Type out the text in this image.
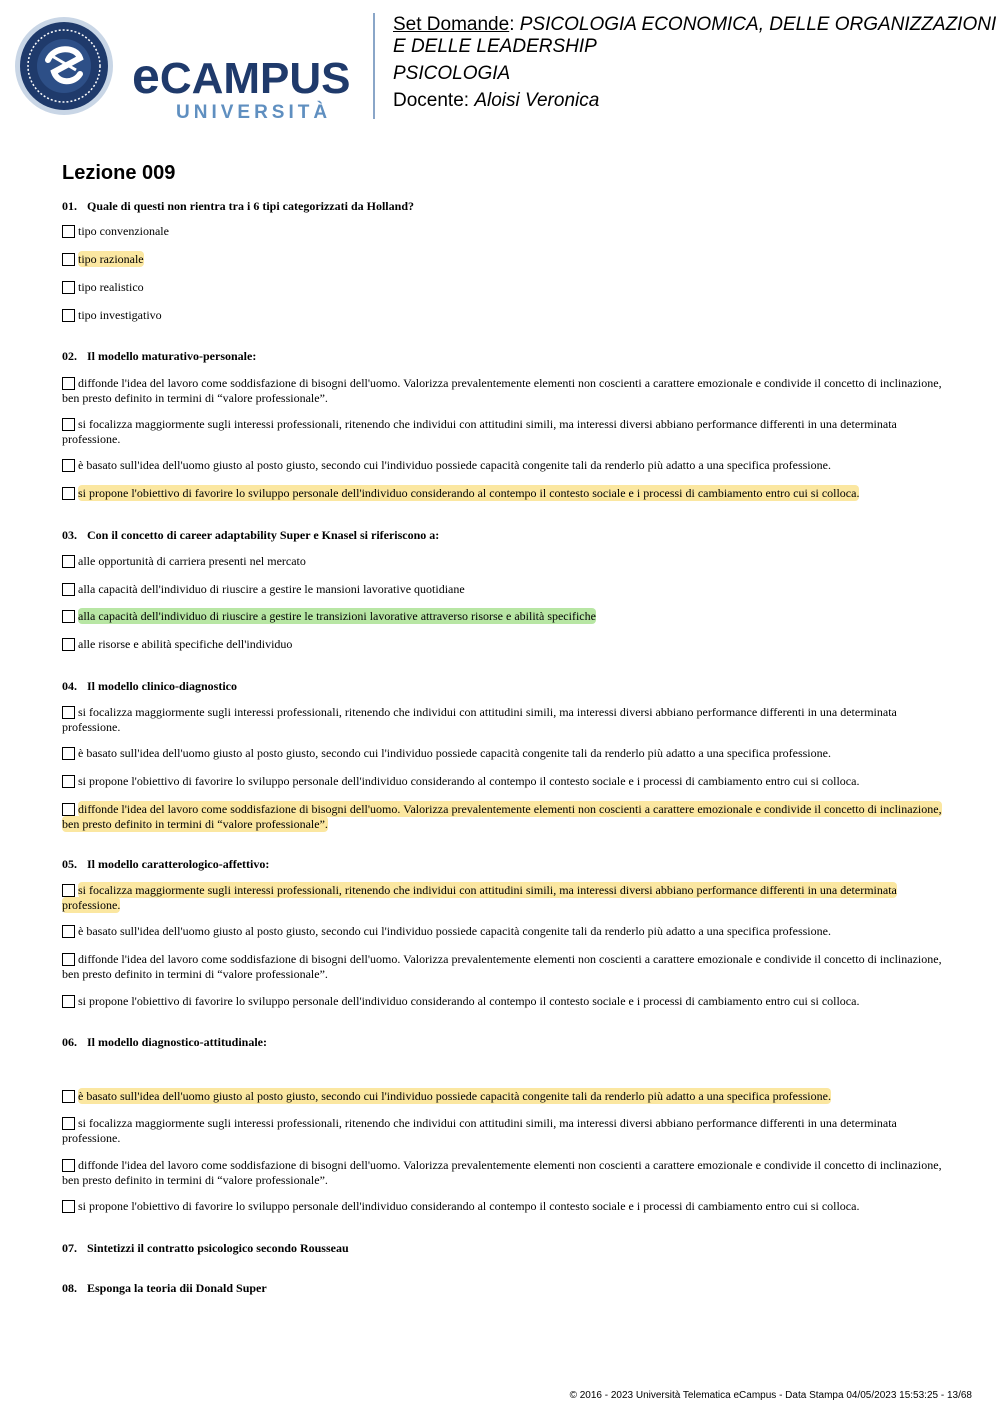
eCAMPUS
UNIVERSITÀ
Set Domande: PSICOLOGIA ECONOMICA, DELLE ORGANIZZAZIONI
E DELLE LEADERSHIP
PSICOLOGIA
Docente: Aloisi Veronica
Lezione 009
01. Quale di questi non rientra tra i 6 tipi categorizzati da Holland?
tipo convenzionale
tipo razionale
tipo realistico
tipo investigativo
02. Il modello maturativo-personale:
diffonde l'idea del lavoro come soddisfazione di bisogni dell'uomo. Valorizza prevalentemente elementi non coscienti a carattere emozionale e condivide il concetto di inclinazione, ben presto definito in termini di “valore professionale”.
si focalizza maggiormente sugli interessi professionali, ritenendo che individui con attitudini simili, ma interessi diversi abbiano performance differenti in una determinata professione.
è basato sull'idea dell'uomo giusto al posto giusto, secondo cui l'individuo possiede capacità congenite tali da renderlo più adatto a una specifica professione.
si propone l'obiettivo di favorire lo sviluppo personale dell'individuo considerando al contempo il contesto sociale e i processi di cambiamento entro cui si colloca.
03. Con il concetto di career adaptability Super e Knasel si riferiscono a:
alle opportunità di carriera presenti nel mercato
alla capacità dell'individuo di riuscire a gestire le mansioni lavorative quotidiane
alla capacità dell'individuo di riuscire a gestire le transizioni lavorative attraverso risorse e abilità specifiche
alle risorse e abilità specifiche dell'individuo
04. Il modello clinico-diagnostico
si focalizza maggiormente sugli interessi professionali, ritenendo che individui con attitudini simili, ma interessi diversi abbiano performance differenti in una determinata professione.
è basato sull'idea dell'uomo giusto al posto giusto, secondo cui l'individuo possiede capacità congenite tali da renderlo più adatto a una specifica professione.
si propone l'obiettivo di favorire lo sviluppo personale dell'individuo considerando al contempo il contesto sociale e i processi di cambiamento entro cui si colloca.
diffonde l'idea del lavoro come soddisfazione di bisogni dell'uomo. Valorizza prevalentemente elementi non coscienti a carattere emozionale e condivide il concetto di inclinazione, ben presto definito in termini di “valore professionale”.
05. Il modello caratterologico-affettivo:
si focalizza maggiormente sugli interessi professionali, ritenendo che individui con attitudini simili, ma interessi diversi abbiano performance differenti in una determinata professione.
è basato sull'idea dell'uomo giusto al posto giusto, secondo cui l'individuo possiede capacità congenite tali da renderlo più adatto a una specifica professione.
diffonde l'idea del lavoro come soddisfazione di bisogni dell'uomo. Valorizza prevalentemente elementi non coscienti a carattere emozionale e condivide il concetto di inclinazione, ben presto definito in termini di “valore professionale”.
si propone l'obiettivo di favorire lo sviluppo personale dell'individuo considerando al contempo il contesto sociale e i processi di cambiamento entro cui si colloca.
06. Il modello diagnostico-attitudinale:
è basato sull'idea dell'uomo giusto al posto giusto, secondo cui l'individuo possiede capacità congenite tali da renderlo più adatto a una specifica professione.
si focalizza maggiormente sugli interessi professionali, ritenendo che individui con attitudini simili, ma interessi diversi abbiano performance differenti in una determinata professione.
diffonde l'idea del lavoro come soddisfazione di bisogni dell'uomo. Valorizza prevalentemente elementi non coscienti a carattere emozionale e condivide il concetto di inclinazione, ben presto definito in termini di “valore professionale”.
si propone l'obiettivo di favorire lo sviluppo personale dell'individuo considerando al contempo il contesto sociale e i processi di cambiamento entro cui si colloca.
07. Sintetizzi il contratto psicologico secondo Rousseau
08. Esponga la teoria dii Donald Super
© 2016 - 2023 Università Telematica eCampus - Data Stampa 04/05/2023 15:53:25 - 13/68
